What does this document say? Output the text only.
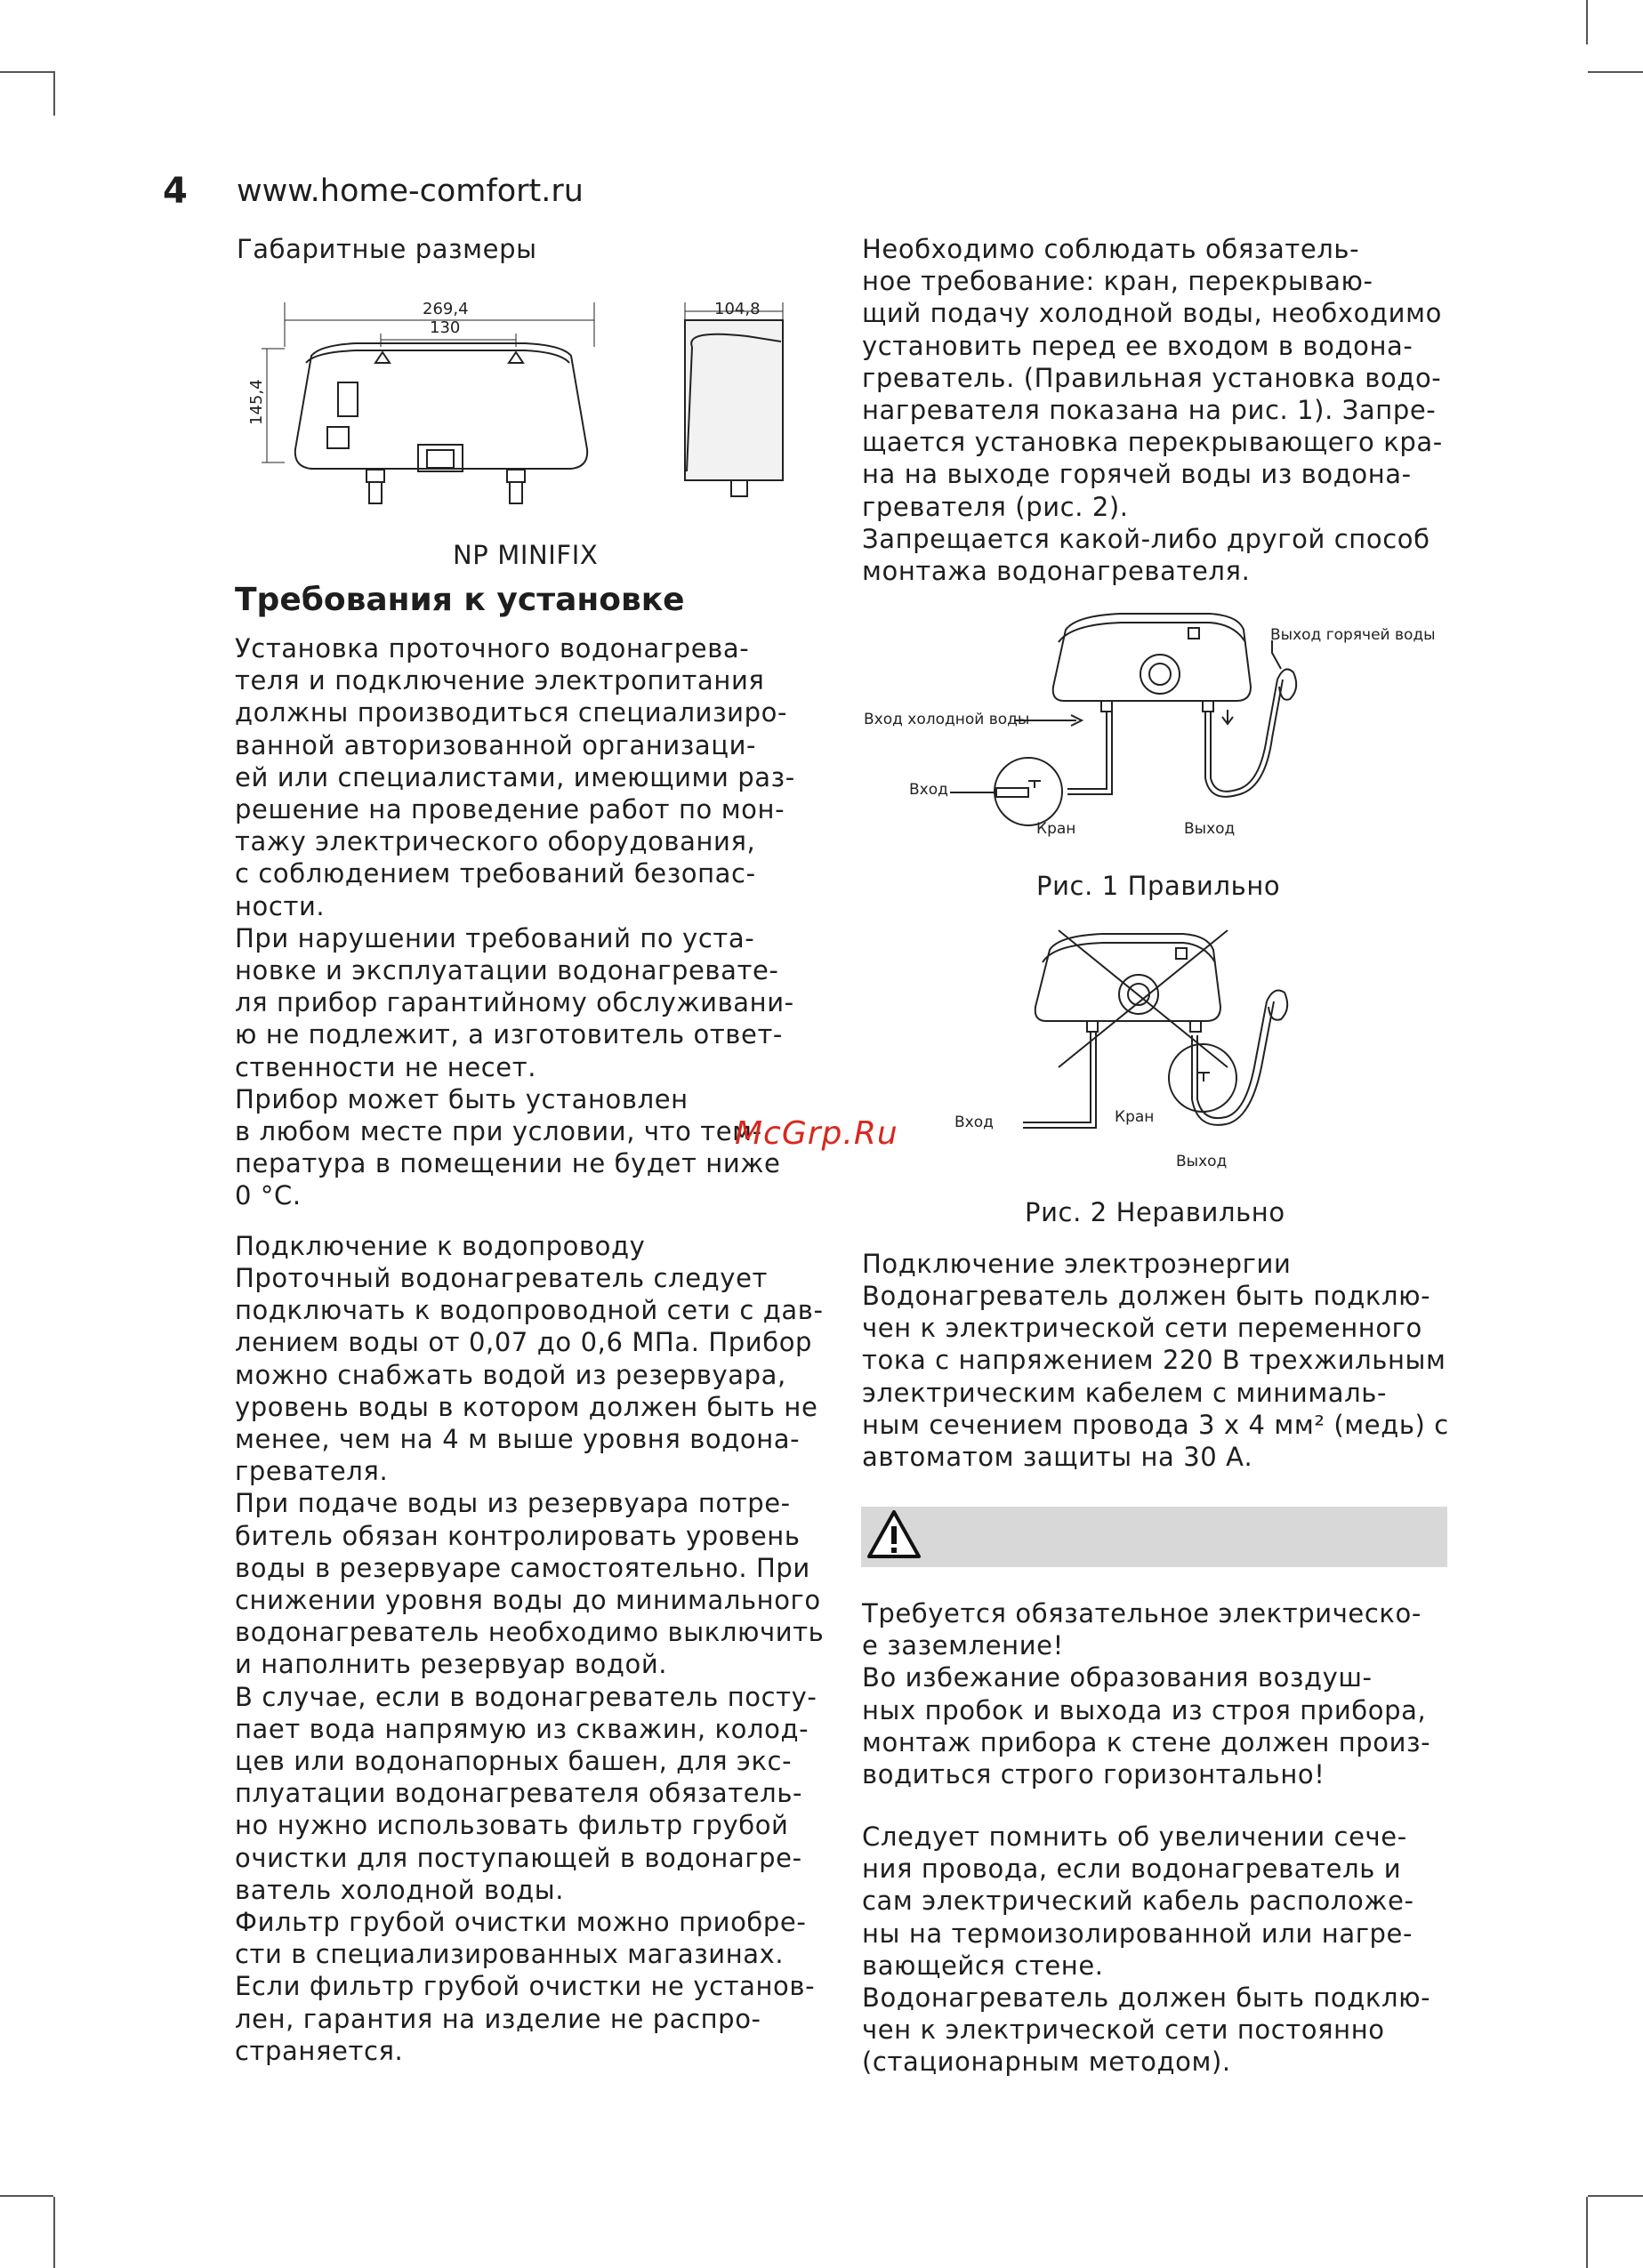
4 www.home-comfort.ru
Габаритные размеры
269,4
130
145,4
104,8
NP MINIFIX
Требования к установке

Установка проточного водонагрева-
теля и подключение электропитания
должны производиться специализиро-
ванной авторизованной организаци-
ей или специалистами, имеющими раз-
решение на проведение работ по мон-
тажу электрического оборудования,
с соблюдением требований безопас-
ности.
При нарушении требований по уста-
новке и эксплуатации водонагревате-
ля прибор гарантийному обслуживани-
ю не подлежит, а изготовитель ответ-
ственности не несет.
Прибор может быть установлен
в любом месте при условии, что тем-
пература в помещении не будет ниже
0 °С.

Подключение к водопроводу

Проточный водонагреватель следует
подключать к водопроводной сети с дав-
лением воды от 0,07 до 0,6 МПа. Прибор
можно снабжать водой из резервуара,
уровень воды в котором должен быть не
менее, чем на 4 м выше уровня водона-
гревателя.
При подаче воды из резервуара потре-
битель обязан контролировать уровень
воды в резервуаре самостоятельно. При
снижении уровня воды до минимального
водонагреватель необходимо выключить
и наполнить резервуар водой.
В случае, если в водонагреватель посту-
пает вода напрямую из скважин, колод-
цев или водонапорных башен, для экс-
плуатации водонагревателя обязатель-
но нужно использовать фильтр грубой
очистки для поступающей в водонагре-
ватель холодной воды.
Фильтр грубой очистки можно приобре-
сти в специализированных магазинах.
Если фильтр грубой очистки не установ-
лен, гарантия на изделие не распро-
страняется.

Необходимо соблюдать обязатель-
ное требование: кран, перекрываю-
щий подачу холодной воды, необходимо
установить перед ее входом в водона-
греватель. (Правильная установка водо-
нагревателя показана на рис. 1). Запре-
щается установка перекрывающего кра-
на на выходе горячей воды из водона-
гревателя (рис. 2).
Запрещается какой-либо другой способ
монтажа водонагревателя.

Выход горячей воды
Вход холодной воды
Вход
Кран	Выход
Рис. 1 Правильно
Вход	Кран
Выход
Рис. 2 Неравильно
McGrp.Ru
Подключение электроэнергии

Водонагреватель должен быть подклю-
чен к электрической сети переменного
тока с напряжением 220 В трехжильным
электрическим кабелем с минималь-
ным сечением провода 3 х 4 мм² (медь) с
автоматом защиты на 30 А.

Требуется обязательное электрическо-
е заземление!
Во избежание образования воздуш-
ных пробок и выхода из строя прибора,
монтаж прибора к стене должен произ-
водиться строго горизонтально!

Следует помнить об увеличении сече-
ния провода, если водонагреватель и
сам электрический кабель расположе-
ны на термоизолированной или нагре-
вающейся стене.
Водонагреватель должен быть подклю-
чен к электрической сети постоянно
(стационарным методом).
